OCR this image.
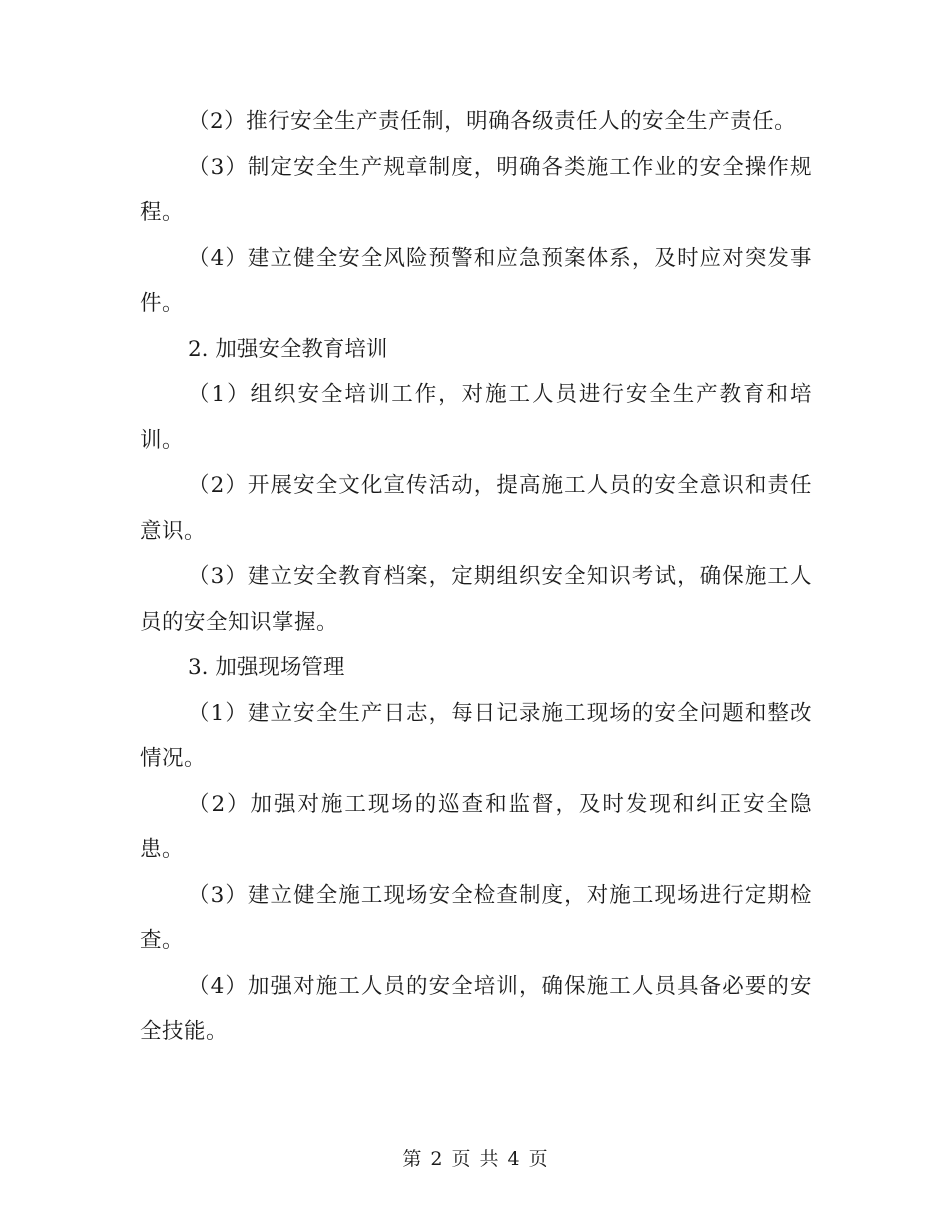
（2）推行安全生产责任制，明确各级责任人的安全生产责任。

（3）制定安全生产规章制度，明确各类施工作业的安全操作规程。

（4）建立健全安全风险预警和应急预案体系，及时应对突发事件。

2. 加强安全教育培训

（1）组织安全培训工作，对施工人员进行安全生产教育和培训。

（2）开展安全文化宣传活动，提高施工人员的安全意识和责任意识。

（3）建立安全教育档案，定期组织安全知识考试，确保施工人员的安全知识掌握。

3. 加强现场管理

（1）建立安全生产日志，每日记录施工现场的安全问题和整改情况。

（2）加强对施工现场的巡查和监督，及时发现和纠正安全隐患。

（3）建立健全施工现场安全检查制度，对施工现场进行定期检查。

（4）加强对施工人员的安全培训，确保施工人员具备必要的安全技能。

第 2 页 共 4 页
